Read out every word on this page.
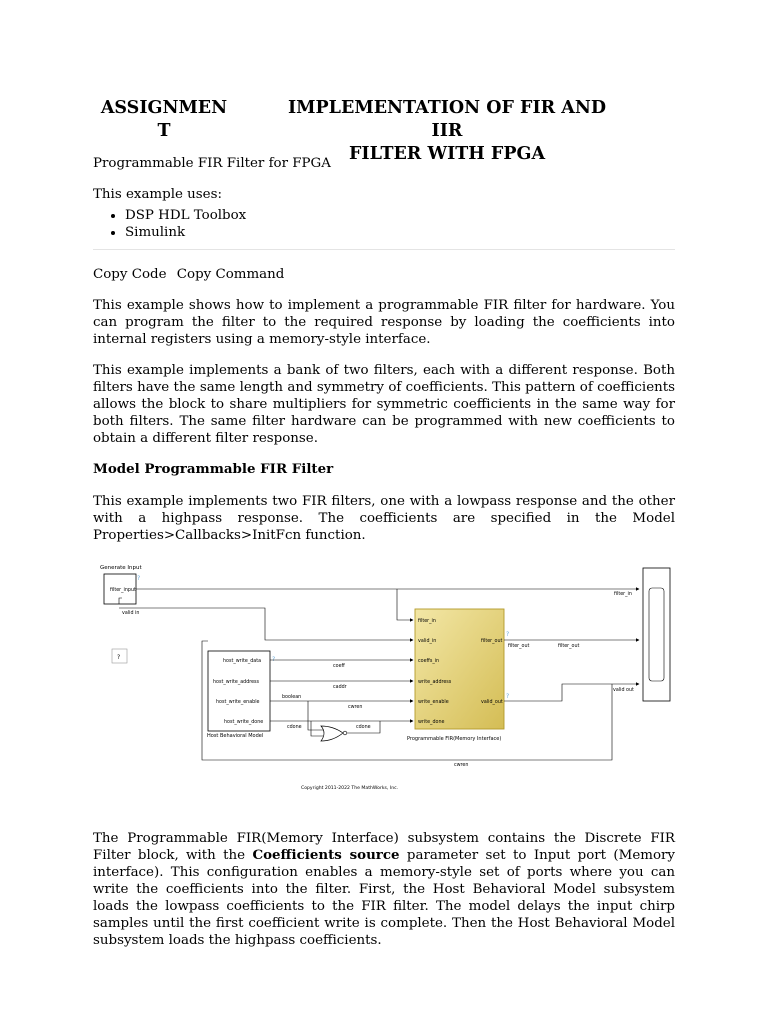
ASSIGNMEN
T
IMPLEMENTATION OF FIR AND IIR
FILTER WITH FPGA
Programmable FIR Filter for FPGA
This example uses:
• DSP HDL Toolbox
• Simulink
Copy Code Copy Command
This example shows how to implement a programmable FIR filter for hardware. You can program the filter to the required response by loading the coefficients into internal registers using a memory-style interface.
This example implements a bank of two filters, each with a different response. Both filters have the same length and symmetry of coefficients. This pattern of coefficients allows the block to share multipliers for symmetric coefficients in the same way for both filters. The same filter hardware can be programmed with new coefficients to obtain a different filter response.
Model Programmable FIR Filter
This example implements two FIR filters, one with a lowpass response and the other with a highpass response. The coefficients are specified in the Model Properties>Callbacks>InitFcn function.
Generate Input
filter_input
valid in
?
?
host_write_data
host_write_address
host_write_enable
host_write_done
Host Behavioral Model
?
filter_in
valid_in
coeffs_in
write_address
write_enable
write_done
filter_out
valid_out
Programmable FIR(Memory Interface)
?
?
coeff
caddr
boolean
cwren
cdone	cdone
filter_out	filter_out
filter_in
valid out
cwren
Copyright 2011-2022 The MathWorks, Inc.
The Programmable FIR(Memory Interface) subsystem contains the Discrete FIR Filter block, with the Coefficients source parameter set to Input port (Memory interface). This configuration enables a memory-style set of ports where you can write the coefficients into the filter. First, the Host Behavioral Model subsystem loads the lowpass coefficients to the FIR filter. The model delays the input chirp samples until the first coefficient write is complete. Then the Host Behavioral Model subsystem loads the highpass coefficients.
